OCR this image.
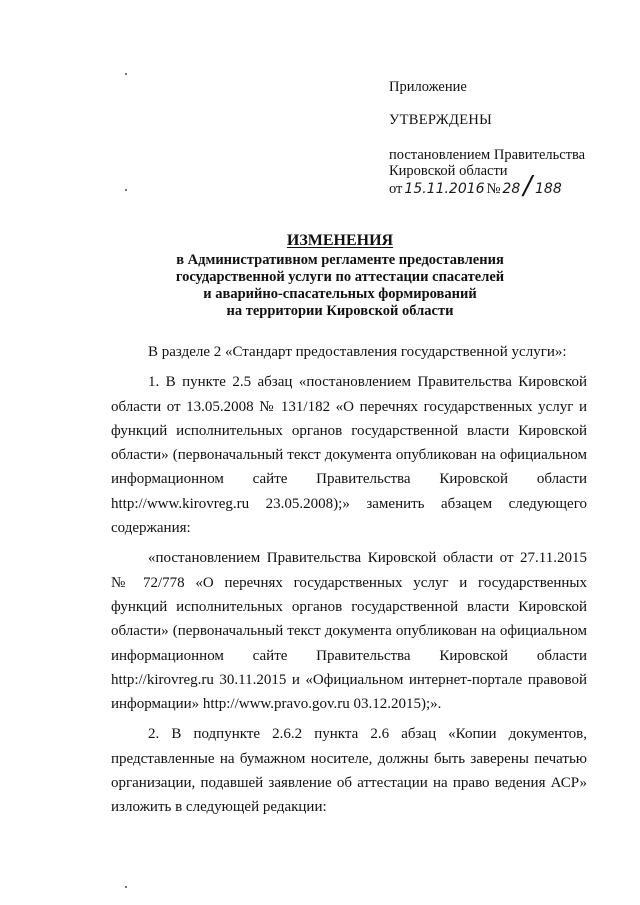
Приложение
УТВЕРЖДЕНЫ
постановлением Правительства
Кировской области
от 15.11.2016 № 28 / 188
ИЗМЕНЕНИЯ
в Административном регламенте предоставления
государственной услуги по аттестации спасателей
и аварийно-спасательных формирований
на территории Кировской области

В разделе 2 «Стандарт предоставления государственной услуги»:

1. В пункте 2.5 абзац «постановлением Правительства Кировской области от 13.05.2008 № 131/182 «О перечнях государственных услуг и функций исполнительных органов государственной власти Кировской области» (первоначальный текст документа опубликован на официальном информационном сайте Правительства Кировской области http://www.kirovreg.ru 23.05.2008);» заменить абзацем следующего содержания:

«постановлением Правительства Кировской области от 27.11.2015 № 72/778 «О перечнях государственных услуг и государственных функций исполнительных органов государственной власти Кировской области» (первоначальный текст документа опубликован на официальном информационном сайте Правительства Кировской области http://kirovreg.ru 30.11.2015 и «Официальном интернет-портале правовой информации» http://www.pravo.gov.ru 03.12.2015);».

2. В подпункте 2.6.2 пункта 2.6 абзац «Копии документов, представленные на бумажном носителе, должны быть заверены печатью организации, подавшей заявление об аттестации на право ведения АСР» изложить в следующей редакции:
